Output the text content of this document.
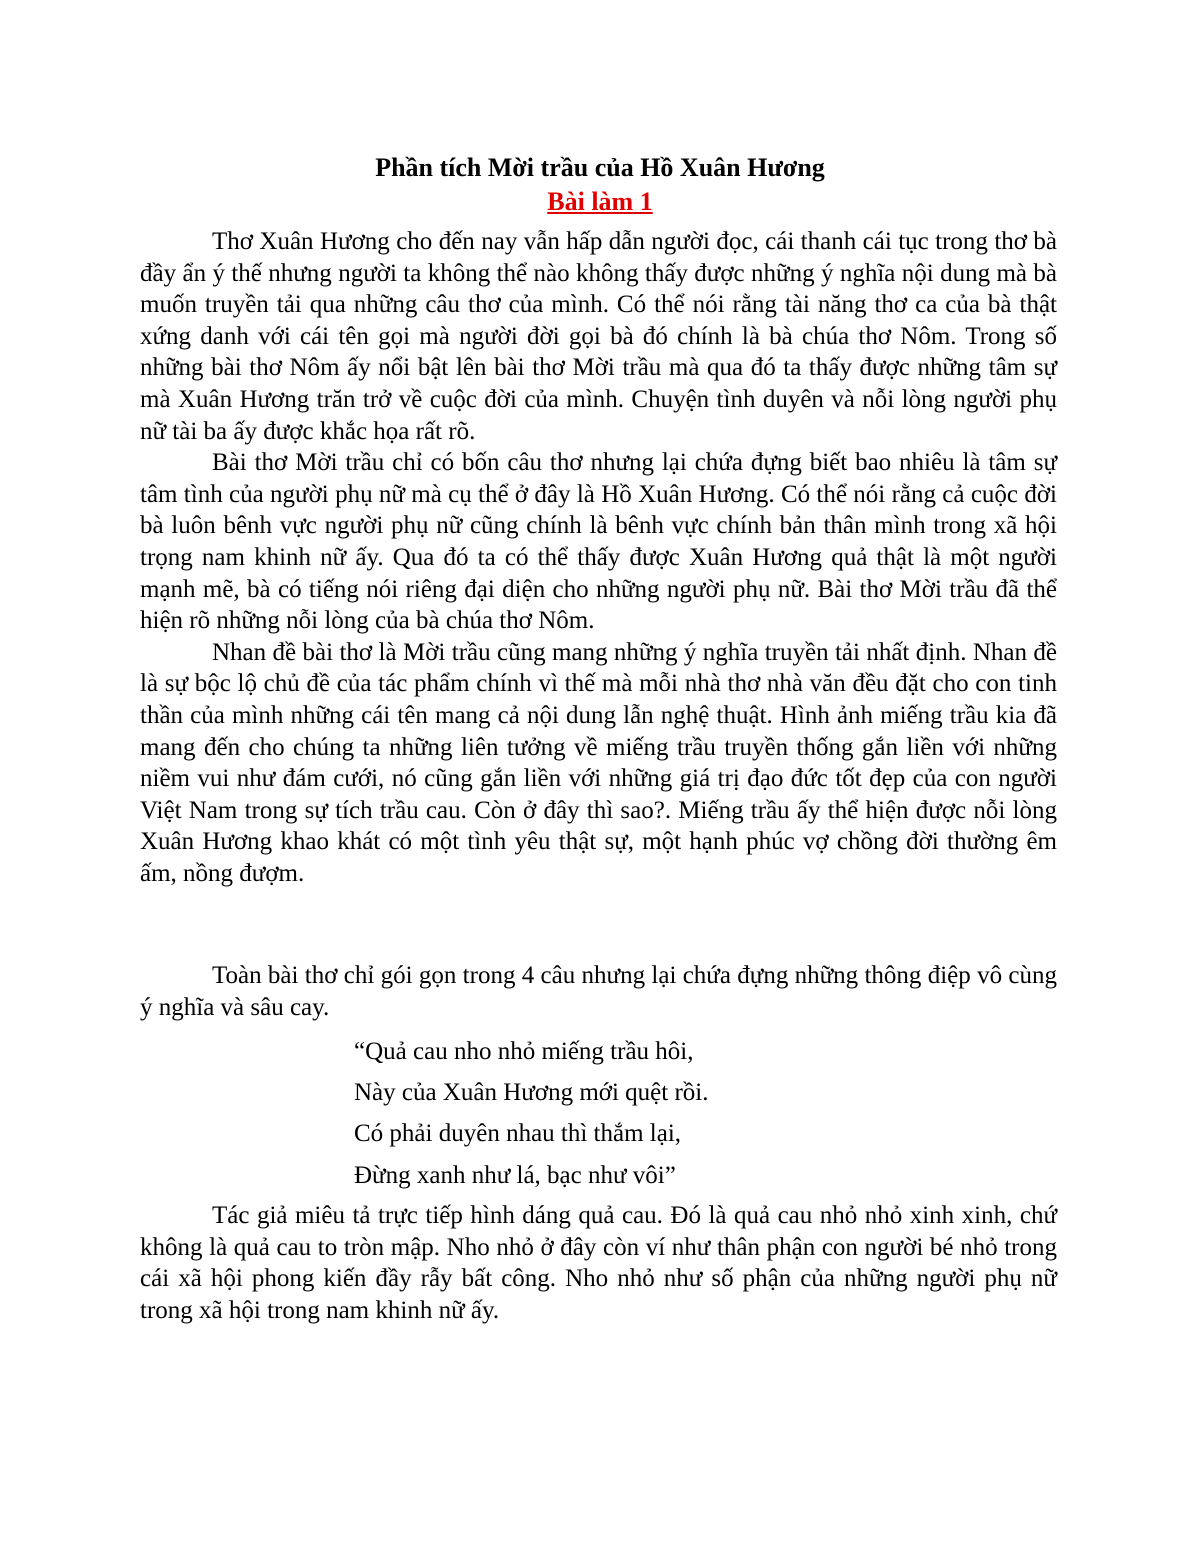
Phần tích Mời trầu của Hồ Xuân Hương
Bài làm 1

Thơ Xuân Hương cho đến nay vẫn hấp dẫn người đọc, cái thanh cái tục trong thơ bà đầy ẩn ý thế nhưng người ta không thể nào không thấy được những ý nghĩa nội dung mà bà muốn truyền tải qua những câu thơ của mình. Có thể nói rằng tài năng thơ ca của bà thật xứng danh với cái tên gọi mà người đời gọi bà đó chính là bà chúa thơ Nôm. Trong số những bài thơ Nôm ấy nổi bật lên bài thơ Mời trầu mà qua đó ta thấy được những tâm sự mà Xuân Hương trăn trở về cuộc đời của mình. Chuyện tình duyên và nỗi lòng người phụ nữ tài ba ấy được khắc họa rất rõ.

Bài thơ Mời trầu chỉ có bốn câu thơ nhưng lại chứa đựng biết bao nhiêu là tâm sự tâm tình của người phụ nữ mà cụ thể ở đây là Hồ Xuân Hương. Có thể nói rằng cả cuộc đời bà luôn bênh vực người phụ nữ cũng chính là bênh vực chính bản thân mình trong xã hội trọng nam khinh nữ ấy. Qua đó ta có thể thấy được Xuân Hương quả thật là một người mạnh mẽ, bà có tiếng nói riêng đại diện cho những người phụ nữ. Bài thơ Mời trầu đã thể hiện rõ những nỗi lòng của bà chúa thơ Nôm.

Nhan đề bài thơ là Mời trầu cũng mang những ý nghĩa truyền tải nhất định. Nhan đề là sự bộc lộ chủ đề của tác phẩm chính vì thế mà mỗi nhà thơ nhà văn đều đặt cho con tinh thần của mình những cái tên mang cả nội dung lẫn nghệ thuật. Hình ảnh miếng trầu kia đã mang đến cho chúng ta những liên tưởng về miếng trầu truyền thống gắn liền với những niềm vui như đám cưới, nó cũng gắn liền với những giá trị đạo đức tốt đẹp của con người Việt Nam trong sự tích trầu cau. Còn ở đây thì sao?. Miếng trầu ấy thể hiện được nỗi lòng Xuân Hương khao khát có một tình yêu thật sự, một hạnh phúc vợ chồng đời thường êm ấm, nồng đượm.

Toàn bài thơ chỉ gói gọn trong 4 câu nhưng lại chứa đựng những thông điệp vô cùng ý nghĩa và sâu cay.

“Quả cau nho nhỏ miếng trầu hôi,
Này của Xuân Hương mới quệt rồi.
Có phải duyên nhau thì thắm lại,
Đừng xanh như lá, bạc như vôi”

Tác giả miêu tả trực tiếp hình dáng quả cau. Đó là quả cau nhỏ nhỏ xinh xinh, chứ không là quả cau to tròn mập. Nho nhỏ ở đây còn ví như thân phận con người bé nhỏ trong cái xã hội phong kiến đầy rẫy bất công. Nho nhỏ như số phận của những người phụ nữ trong xã hội trong nam khinh nữ ấy.
